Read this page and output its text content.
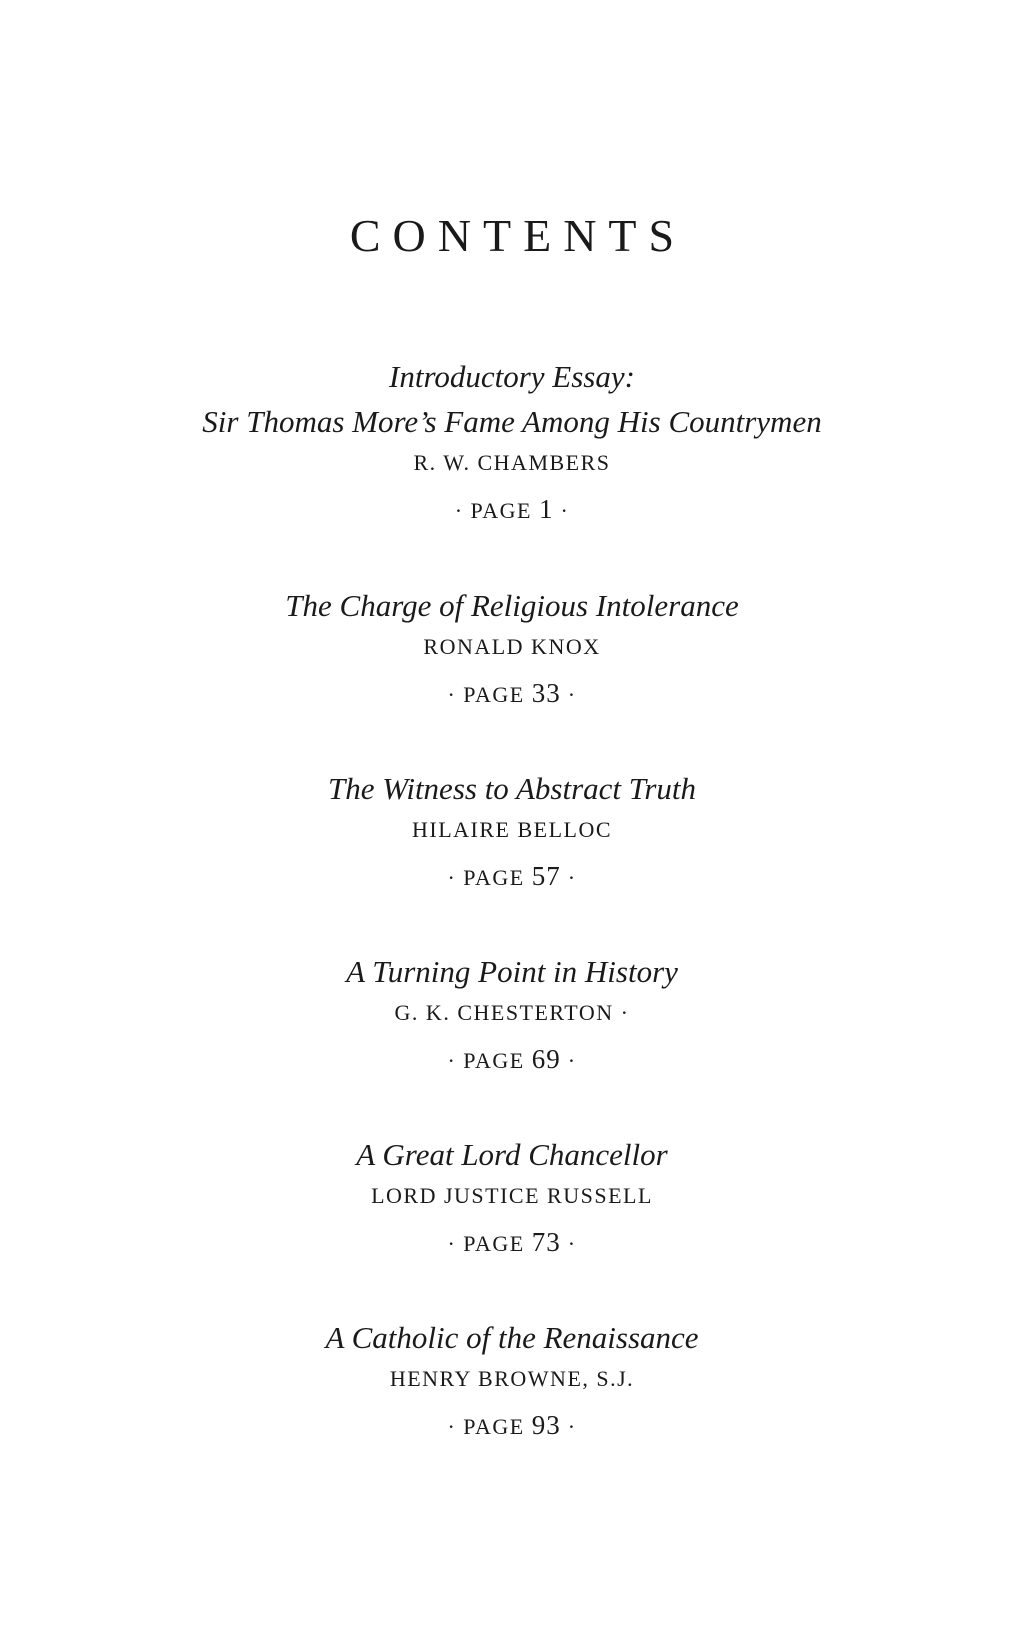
CONTENTS
Introductory Essay:
Sir Thomas More’s Fame Among His Countrymen
R. W. CHAMBERS
· PAGE 1 ·
The Charge of Religious Intolerance
RONALD KNOX
· PAGE 33 ·
The Witness to Abstract Truth
HILAIRE BELLOC
· PAGE 57 ·
A Turning Point in History
G. K. CHESTERTON ·
· PAGE 69 ·
A Great Lord Chancellor
LORD JUSTICE RUSSELL
· PAGE 73 ·
A Catholic of the Renaissance
HENRY BROWNE, S.J.
· PAGE 93 ·
